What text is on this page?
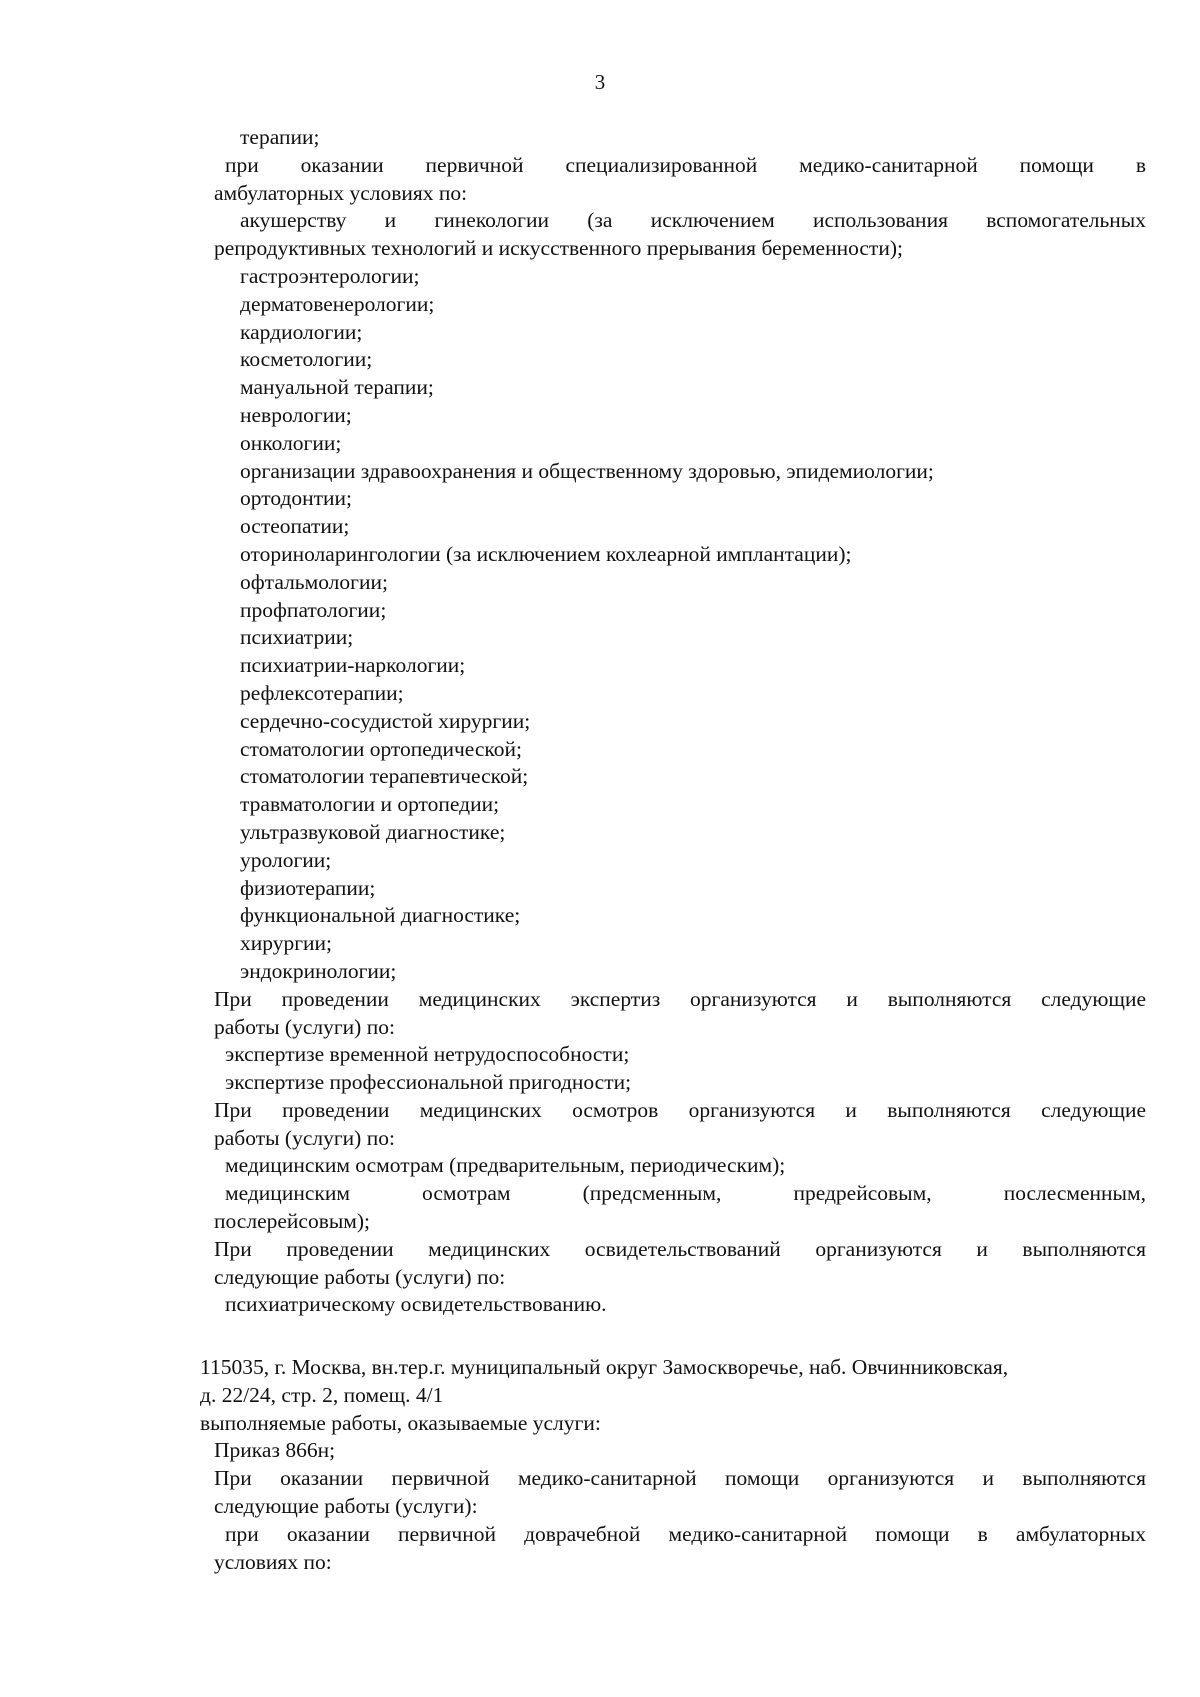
3
терапии;
при оказании первичной специализированной медико-санитарной помощи в
амбулаторных условиях по:
акушерству и гинекологии (за исключением использования вспомогательных
репродуктивных технологий и искусственного прерывания беременности);
гастроэнтерологии;
дерматовенерологии;
кардиологии;
косметологии;
мануальной терапии;
неврологии;
онкологии;
организации здравоохранения и общественному здоровью, эпидемиологии;
ортодонтии;
остеопатии;
оториноларингологии (за исключением кохлеарной имплантации);
офтальмологии;
профпатологии;
психиатрии;
психиатрии-наркологии;
рефлексотерапии;
сердечно-сосудистой хирургии;
стоматологии ортопедической;
стоматологии терапевтической;
травматологии и ортопедии;
ультразвуковой диагностике;
урологии;
физиотерапии;
функциональной диагностике;
хирургии;
эндокринологии;
При проведении медицинских экспертиз организуются и выполняются следующие
работы (услуги) по:
экспертизе временной нетрудоспособности;
экспертизе профессиональной пригодности;
При проведении медицинских осмотров организуются и выполняются следующие
работы (услуги) по:
медицинским осмотрам (предварительным, периодическим);
медицинским осмотрам (предсменным, предрейсовым, послесменным,
послерейсовым);
При проведении медицинских освидетельствований организуются и выполняются
следующие работы (услуги) по:
психиатрическому освидетельствованию.
115035, г. Москва, вн.тер.г. муниципальный округ Замоскворечье, наб. Овчинниковская,
д. 22/24, стр. 2, помещ. 4/1
выполняемые работы, оказываемые услуги:
Приказ 866н;
При оказании первичной медико-санитарной помощи организуются и выполняются
следующие работы (услуги):
при оказании первичной доврачебной медико-санитарной помощи в амбулаторных
условиях по:
